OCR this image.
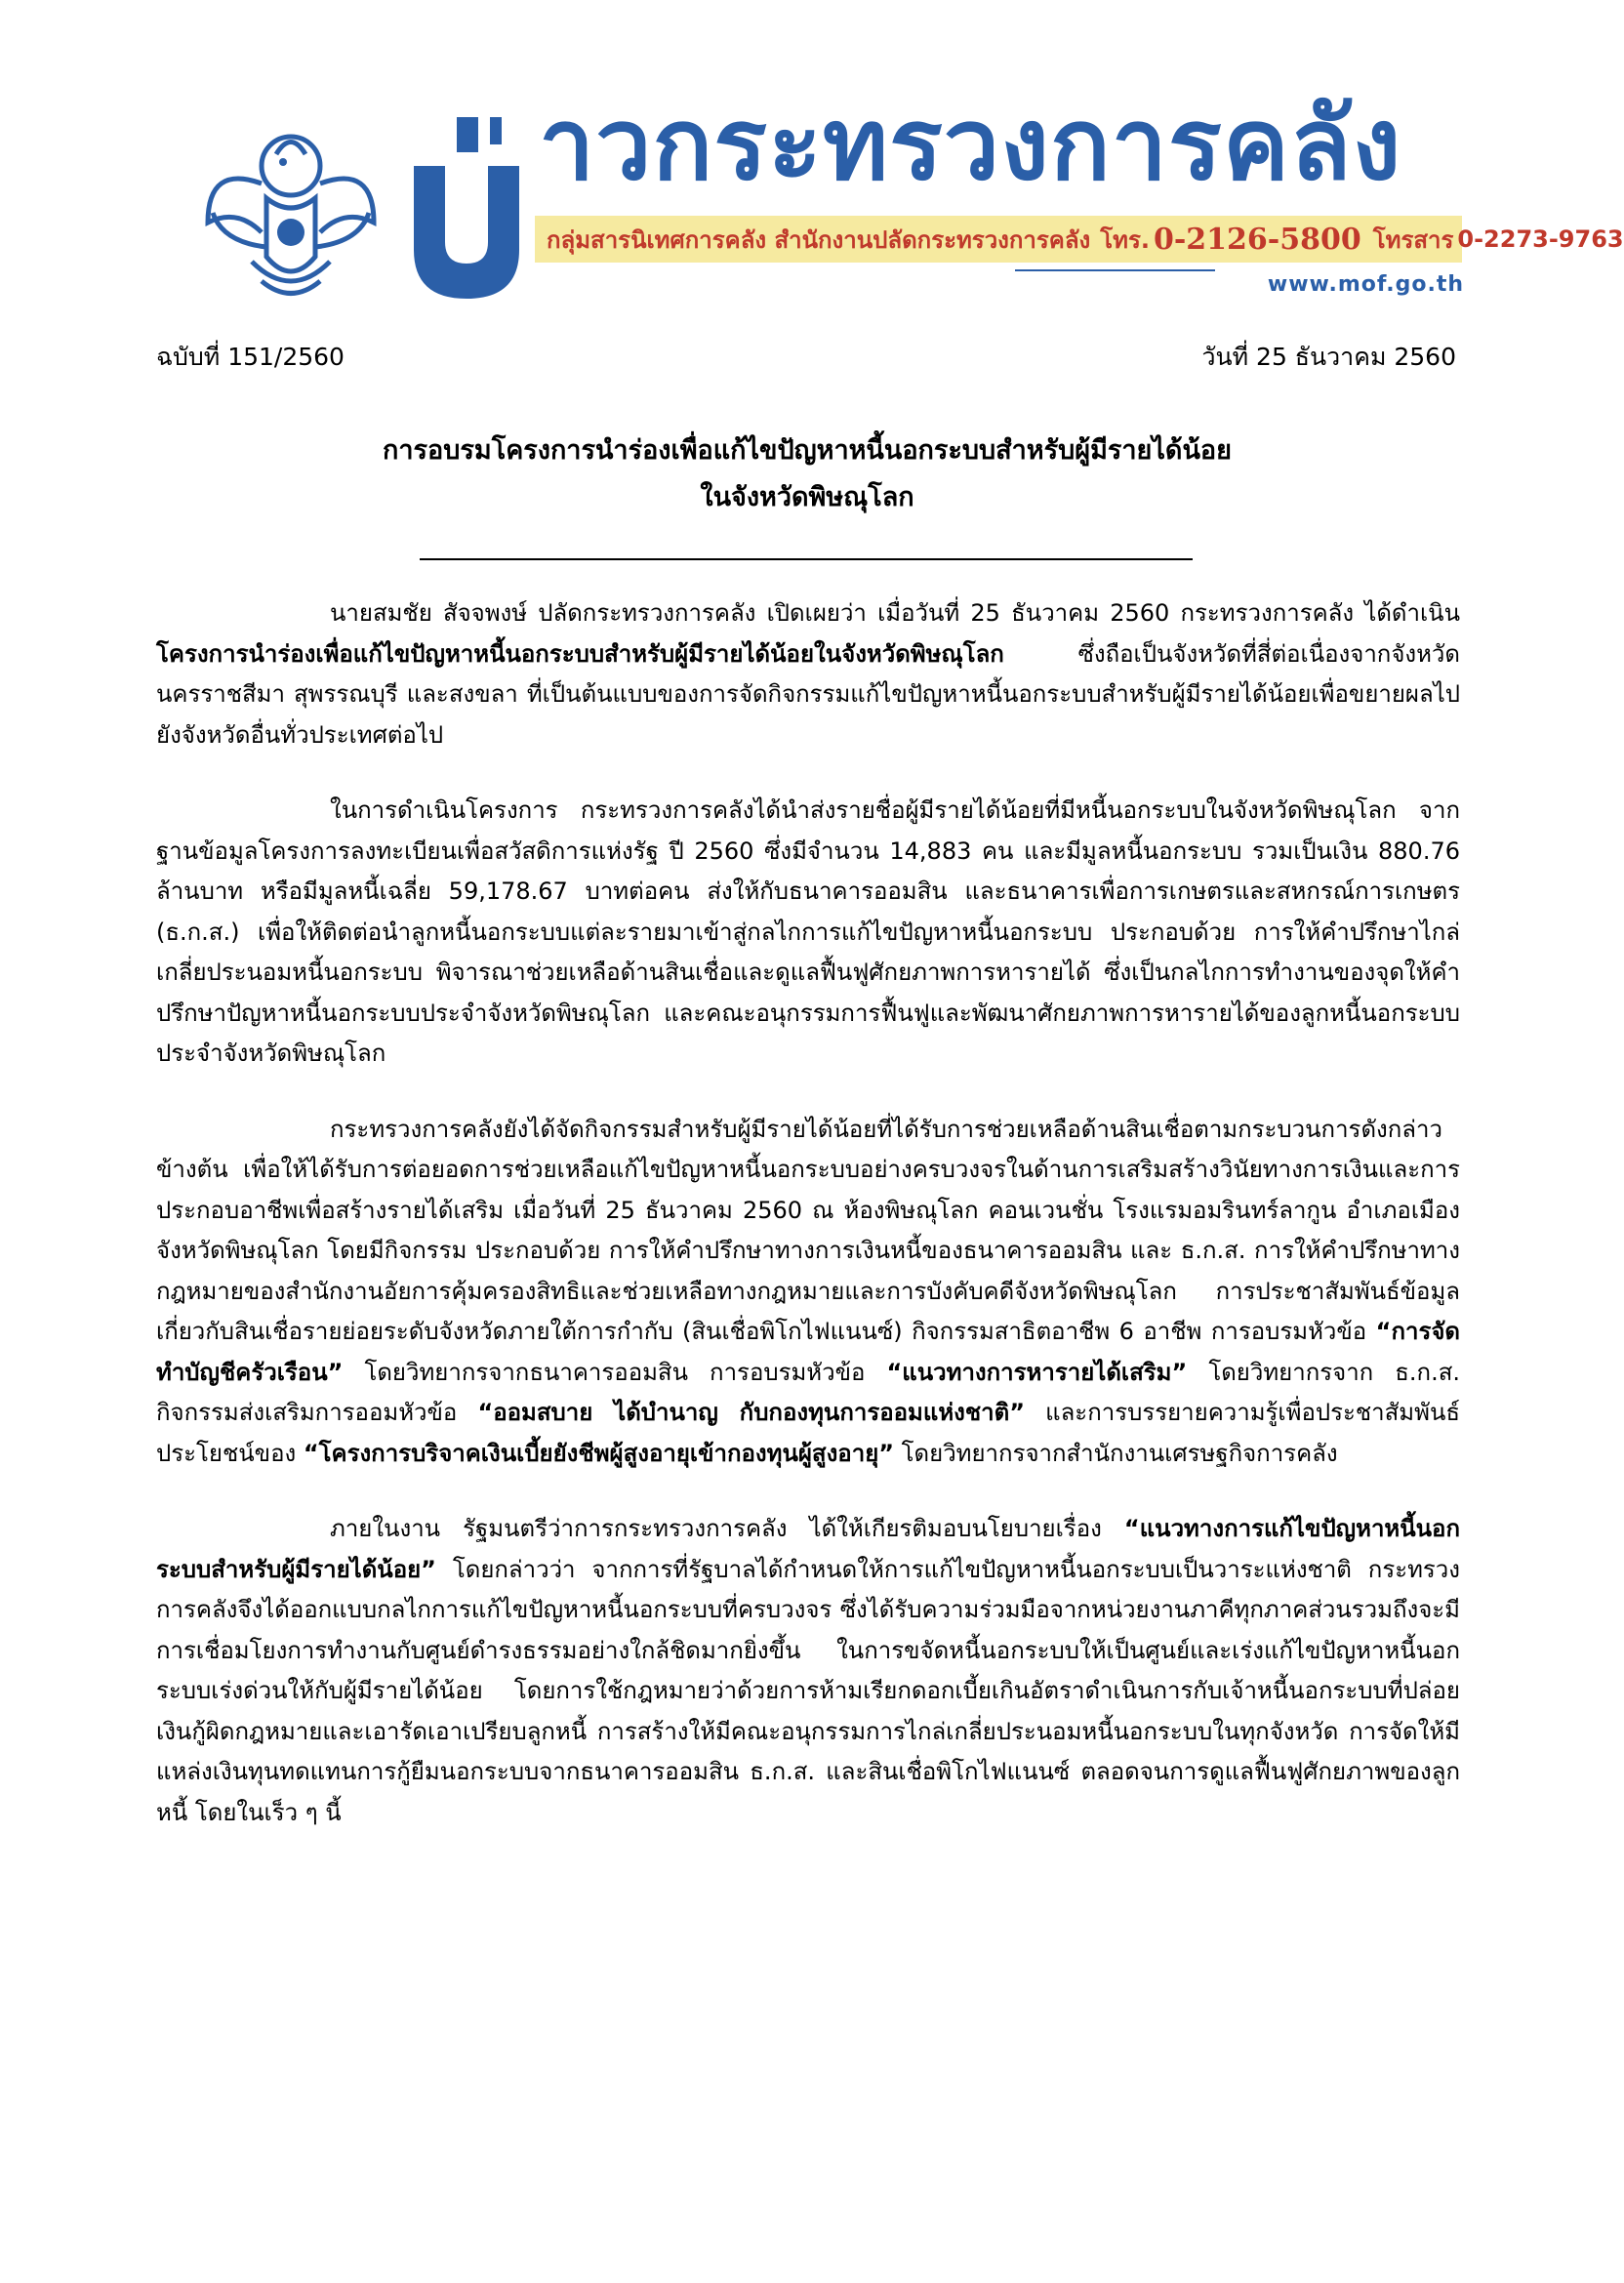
าวกระทรวงการคลัง
กลุ่มสารนิเทศการคลัง สำนักงานปลัดกระทรวงการคลัง โทร. 0-2126-5800 โทรสาร 0-2273-9763
www.mof.go.th
ฉบับที่ 151/2560	วันที่ 25 ธันวาคม 2560
การอบรมโครงการนำร่องเพื่อแก้ไขปัญหาหนี้นอกระบบสำหรับผู้มีรายได้น้อย
ในจังหวัดพิษณุโลก

นายสมชัย สัจจพงษ์ ปลัดกระทรวงการคลัง เปิดเผยว่า เมื่อวันที่ 25 ธันวาคม 2560 กระทรวงการคลัง ได้ดำเนินโครงการนำร่องเพื่อแก้ไขปัญหาหนี้นอกระบบสำหรับผู้มีรายได้น้อยในจังหวัดพิษณุโลก ซึ่งถือเป็นจังหวัดที่สี่ต่อเนื่องจากจังหวัดนครราชสีมา สุพรรณบุรี และสงขลา ที่เป็นต้นแบบของการจัดกิจกรรมแก้ไขปัญหาหนี้นอกระบบสำหรับผู้มีรายได้น้อยเพื่อขยายผลไปยังจังหวัดอื่นทั่วประเทศต่อไป

ในการดำเนินโครงการ กระทรวงการคลังได้นำส่งรายชื่อผู้มีรายได้น้อยที่มีหนี้นอกระบบในจังหวัดพิษณุโลก จากฐานข้อมูลโครงการลงทะเบียนเพื่อสวัสดิการแห่งรัฐ ปี 2560 ซึ่งมีจำนวน 14,883 คน และมีมูลหนี้นอกระบบ รวมเป็นเงิน 880.76 ล้านบาท หรือมีมูลหนี้เฉลี่ย 59,178.67 บาทต่อคน ส่งให้กับธนาคารออมสิน และธนาคารเพื่อการเกษตรและสหกรณ์การเกษตร (ธ.ก.ส.) เพื่อให้ติดต่อนำลูกหนี้นอกระบบแต่ละรายมาเข้าสู่กลไกการแก้ไขปัญหาหนี้นอกระบบ ประกอบด้วย การให้คำปรึกษาไกล่เกลี่ยประนอมหนี้นอกระบบ พิจารณาช่วยเหลือด้านสินเชื่อและดูแลฟื้นฟูศักยภาพการหารายได้ ซึ่งเป็นกลไกการทำงานของจุดให้คำปรึกษาปัญหาหนี้นอกระบบประจำจังหวัดพิษณุโลก และคณะอนุกรรมการฟื้นฟูและพัฒนาศักยภาพการหารายได้ของลูกหนี้นอกระบบประจำจังหวัดพิษณุโลก

กระทรวงการคลังยังได้จัดกิจกรรมสำหรับผู้มีรายได้น้อยที่ได้รับการช่วยเหลือด้านสินเชื่อตามกระบวนการดังกล่าวข้างต้น เพื่อให้ได้รับการต่อยอดการช่วยเหลือแก้ไขปัญหาหนี้นอกระบบอย่างครบวงจรในด้านการเสริมสร้างวินัยทางการเงินและการประกอบอาชีพเพื่อสร้างรายได้เสริม เมื่อวันที่ 25 ธันวาคม 2560 ณ ห้องพิษณุโลก คอนเวนชั่น โรงแรมอมรินทร์ลากูน อำเภอเมือง จังหวัดพิษณุโลก โดยมีกิจกรรม ประกอบด้วย การให้คำปรึกษาทางการเงินหนี้ของธนาคารออมสิน และ ธ.ก.ส. การให้คำปรึกษาทางกฎหมายของสำนักงานอัยการคุ้มครองสิทธิและช่วยเหลือทางกฎหมายและการบังคับคดีจังหวัดพิษณุโลก การประชาสัมพันธ์ข้อมูลเกี่ยวกับสินเชื่อรายย่อยระดับจังหวัดภายใต้การกำกับ (สินเชื่อพิโกไฟแนนซ์) กิจกรรมสาธิตอาชีพ 6 อาชีพ การอบรมหัวข้อ “การจัดทำบัญชีครัวเรือน” โดยวิทยากรจากธนาคารออมสิน การอบรมหัวข้อ “แนวทางการหารายได้เสริม” โดยวิทยากรจาก ธ.ก.ส. กิจกรรมส่งเสริมการออมหัวข้อ “ออมสบาย ได้บำนาญ กับกองทุนการออมแห่งชาติ” และการบรรยายความรู้เพื่อประชาสัมพันธ์ประโยชน์ของ “โครงการบริจาคเงินเบี้ยยังชีพผู้สูงอายุเข้ากองทุนผู้สูงอายุ” โดยวิทยากรจากสำนักงานเศรษฐกิจการคลัง

ภายในงาน รัฐมนตรีว่าการกระทรวงการคลัง ได้ให้เกียรติมอบนโยบายเรื่อง “แนวทางการแก้ไขปัญหาหนี้นอกระบบสำหรับผู้มีรายได้น้อย” โดยกล่าวว่า จากการที่รัฐบาลได้กำหนดให้การแก้ไขปัญหาหนี้นอกระบบเป็นวาระแห่งชาติ กระทรวงการคลังจึงได้ออกแบบกลไกการแก้ไขปัญหาหนี้นอกระบบที่ครบวงจร ซึ่งได้รับความร่วมมือจากหน่วยงานภาคีทุกภาคส่วนรวมถึงจะมีการเชื่อมโยงการทำงานกับศูนย์ดำรงธรรมอย่างใกล้ชิดมากยิ่งขึ้น ในการขจัดหนี้นอกระบบให้เป็นศูนย์และเร่งแก้ไขปัญหาหนี้นอกระบบเร่งด่วนให้กับผู้มีรายได้น้อย โดยการใช้กฎหมายว่าด้วยการห้ามเรียกดอกเบี้ยเกินอัตราดำเนินการกับเจ้าหนี้นอกระบบที่ปล่อยเงินกู้ผิดกฎหมายและเอารัดเอาเปรียบลูกหนี้ การสร้างให้มีคณะอนุกรรมการไกล่เกลี่ยประนอมหนี้นอกระบบในทุกจังหวัด การจัดให้มีแหล่งเงินทุนทดแทนการกู้ยืมนอกระบบจากธนาคารออมสิน ธ.ก.ส. และสินเชื่อพิโกไฟแนนซ์ ตลอดจนการดูแลฟื้นฟูศักยภาพของลูกหนี้ โดยในเร็ว ๆ นี้
